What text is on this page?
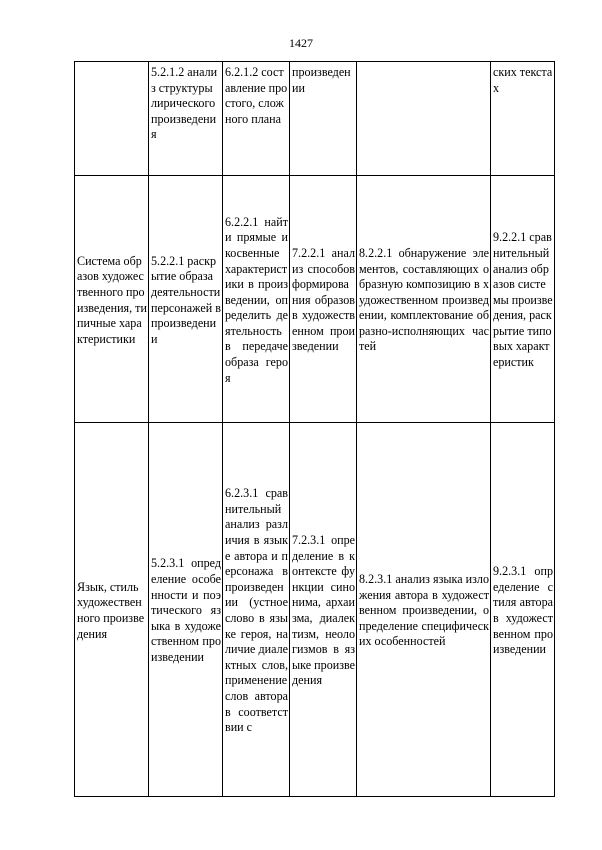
1427
	5.2.1.2 анализ структуры лирического произведения	6.2.1.2 составление простого, сложного плана	произведении		ских текстах
Система образов художественного произведения, типичные характеристики	5.2.2.1 раскрытие образа деятельности персонажей в произведении	6.2.2.1 найти прямые и косвенные характеристики в произведении, определить деятельность в передаче образа героя	7.2.2.1 анализ способов формирования образов в художественном произведении	8.2.2.1 обнаружение элементов, составляющих образную композицию в художественном произведении, комплектование образно-исполняющих частей	9.2.2.1 сравнительный анализ образов системы произведения, раскрытие типовых характеристик
Язык, стиль художественного произведения	5.2.3.1 определение особенности и поэтического языка в художественном произведении	6.2.3.1 сравнительный анализ различия в языке автора и персонажа в произведении (устное слово в языке героя, наличие диалектных слов, применение слов автора в соответствии с	7.2.3.1 определение в контексте функции синонима, архаизма, диалектизм, неологизмов в языке произведения	8.2.3.1 анализ языка изложения автора в художественном произведении, определение специфических особенностей	9.2.3.1 определение стиля автора в художественном произведении
